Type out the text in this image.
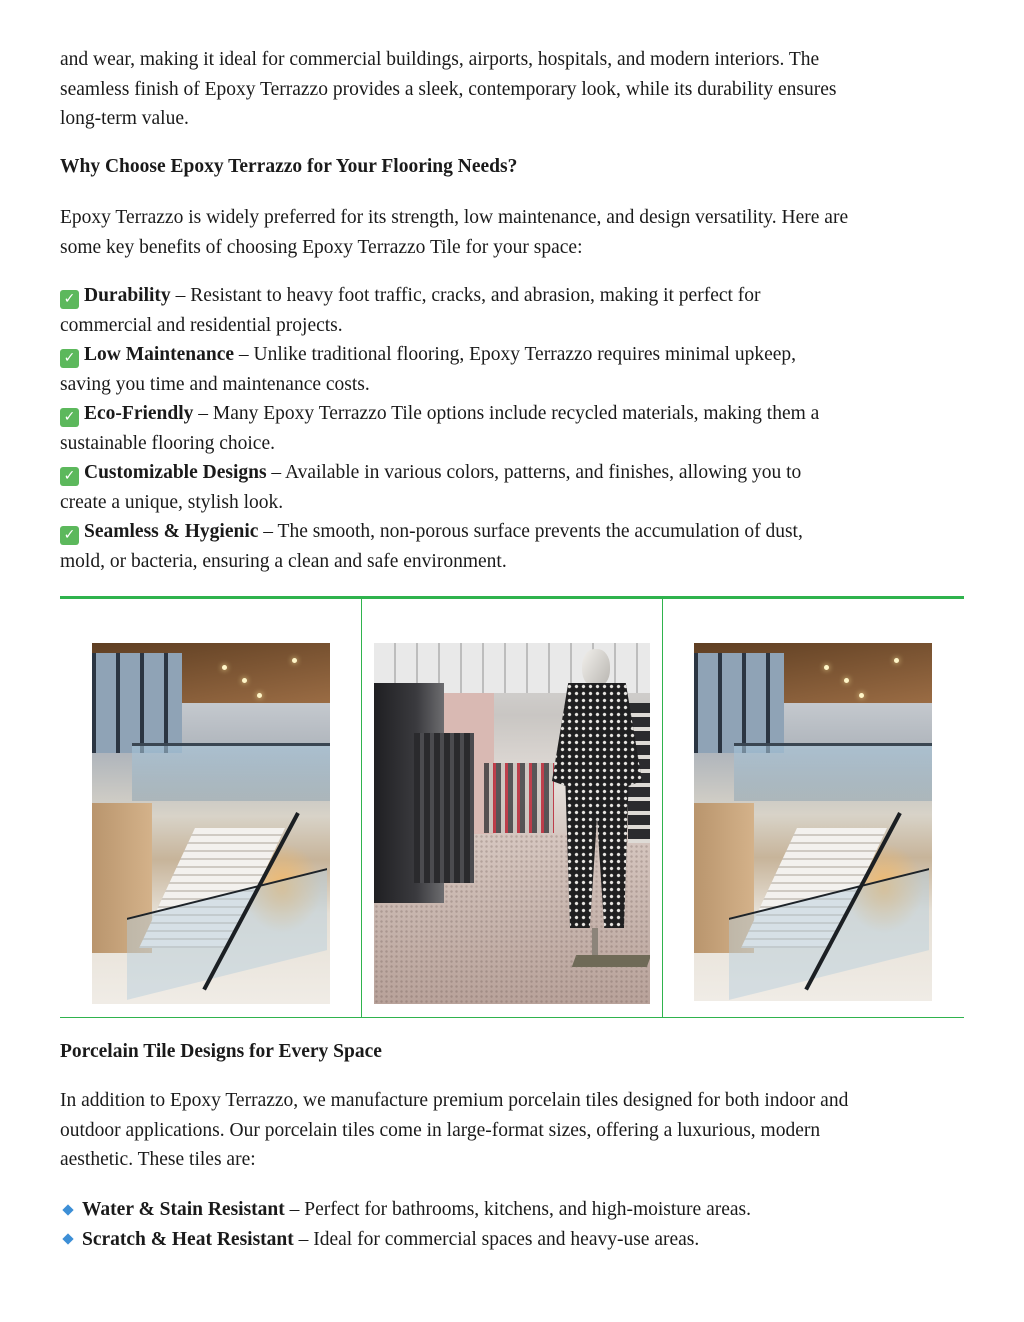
and wear, making it ideal for commercial buildings, airports, hospitals, and modern interiors. The
seamless finish of Epoxy Terrazzo provides a sleek, contemporary look, while its durability ensures
long-term value.

Why Choose Epoxy Terrazzo for Your Flooring Needs?

Epoxy Terrazzo is widely preferred for its strength, low maintenance, and design versatility. Here are
some key benefits of choosing Epoxy Terrazzo Tile for your space:

✓ Durability – Resistant to heavy foot traffic, cracks, and abrasion, making it perfect for
commercial and residential projects.

✓ Low Maintenance – Unlike traditional flooring, Epoxy Terrazzo requires minimal upkeep,
saving you time and maintenance costs.

✓ Eco-Friendly – Many Epoxy Terrazzo Tile options include recycled materials, making them a
sustainable flooring choice.

✓ Customizable Designs – Available in various colors, patterns, and finishes, allowing you to
create a unique, stylish look.

✓ Seamless & Hygienic – The smooth, non-porous surface prevents the accumulation of dust,
mold, or bacteria, ensuring a clean and safe environment.

Porcelain Tile Designs for Every Space

In addition to Epoxy Terrazzo, we manufacture premium porcelain tiles designed for both indoor and
outdoor applications. Our porcelain tiles come in large-format sizes, offering a luxurious, modern
aesthetic. These tiles are:

Water & Stain Resistant – Perfect for bathrooms, kitchens, and high-moisture areas.

Scratch & Heat Resistant – Ideal for commercial spaces and heavy-use areas.
